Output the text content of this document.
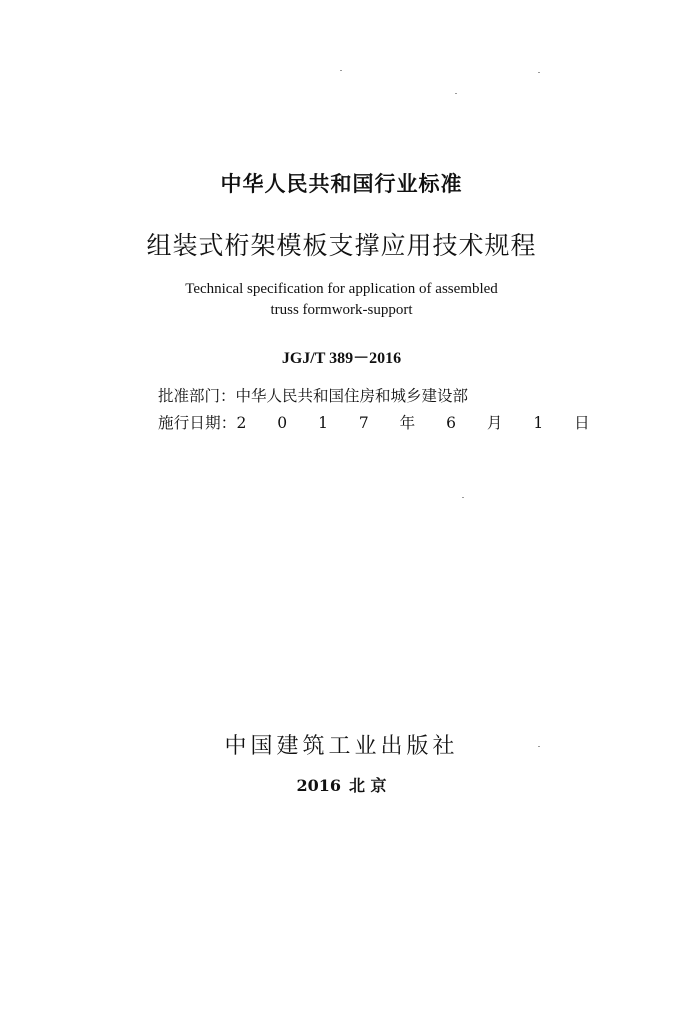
中华人民共和国行业标准
组装式桁架模板支撑应用技术规程
Technical specification for application of assembled
truss formwork-support
JGJ/T 389－2016
批准部门：中华人民共和国住房和城乡建设部
施行日期：2 0 1 7 年 6 月 1 日
中国建筑工业出版社
2016 北 京
